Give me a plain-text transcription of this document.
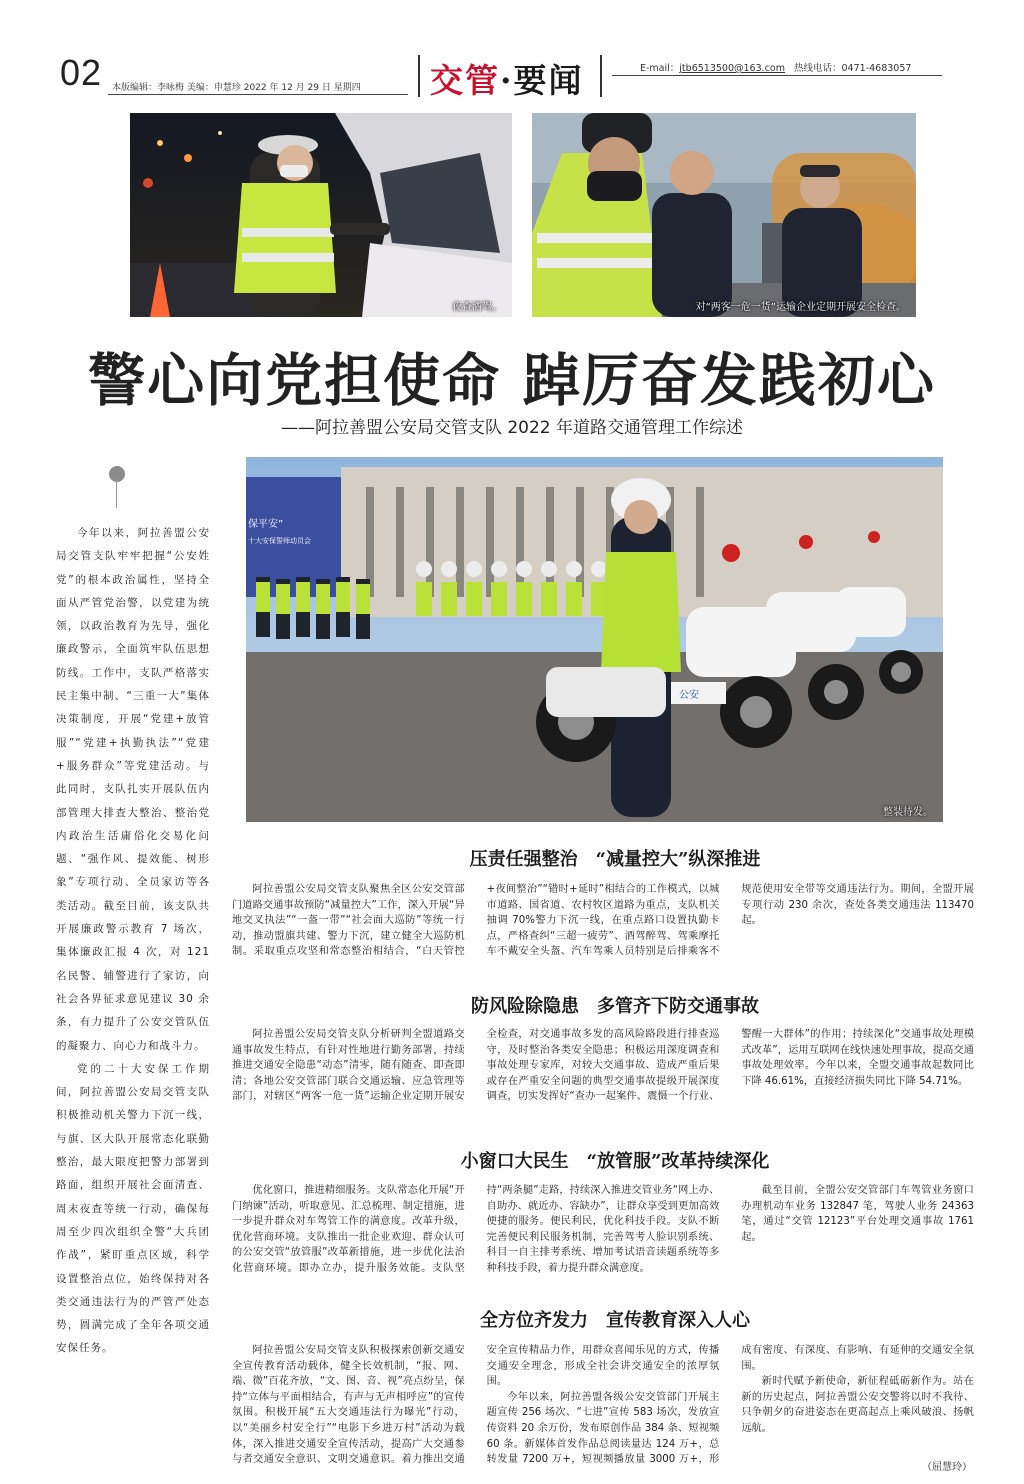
02 本版编辑：李咏梅 美编：申慧珍 2022 年 12 月 29 日 星期四 交管·要闻	E-mail：jtb6513500@163.com 热线电话：0471-4683057
夜查酒驾。	对“两客一危一货”运输企业定期开展安全检查。
警心向党担使命 踔厉奋发践初心
——阿拉善盟公安局交管支队 2022 年道路交通管理工作综述

今年以来，阿拉善盟公安局交管支队牢牢把握“公安姓党”的根本政治属性，坚持全面从严管党治警，以党建为统领，以政治教育为先导，强化廉政警示，全面筑牢队伍思想防线。工作中，支队严格落实民主集中制、“三重一大”集体决策制度，开展“党建+放管服”“党建+执勤执法”“党建+服务群众”等党建活动。与此同时，支队扎实开展队伍内部管理大排查大整治、整治党内政治生活庸俗化交易化问题、“强作风、提效能、树形象”专项行动、全员家访等各类活动。截至目前，该支队共开展廉政警示教育 7 场次，集体廉政汇报 4 次，对 121 名民警、辅警进行了家访，向社会各界征求意见建议 30 余条，有力提升了公安交管队伍的凝聚力、向心力和战斗力。

党的二十大安保工作期间，阿拉善盟公安局交管支队积极推动机关警力下沉一线，与旗、区大队开展常态化联勤整治，最大限度把警力部署到路面，组织开展社会面清查、周末夜查等统一行动，确保每周至少四次组织全警“大兵团作战”，紧盯重点区域，科学设置整治点位，始终保持对各类交通违法行为的严管严处态势，圆满完成了全年各项交通安保任务。

保平安”
十大安保誓师动员会
公安
整装待发。
压责任强整治　“减量控大”纵深推进

阿拉善盟公安局交管支队聚焦全区公安交管部门道路交通事故预防“减量控大”工作，深入开展“异地交叉执法”“一盔一带”“社会面大巡防”等统一行动，推动盟旗共建、警力下沉，建立健全大巡防机制。采取重点攻坚和常态整治相结合，“白天管控+夜间整治”“错时+延时”相结合的工作模式，以城市道路、国省道、农村牧区道路为重点，支队机关抽调 70%警力下沉一线，在重点路口设置执勤卡点，严格查纠“三超一疲劳”、酒驾醉驾、驾乘摩托车不戴安全头盔、汽车驾乘人员特别是后排乘客不规范使用安全带等交通违法行为。期间，全盟开展专项行动 230 余次，查处各类交通违法 113470 起。

防风险除隐患　多管齐下防交通事故

阿拉善盟公安局交管支队分析研判全盟道路交通事故发生特点，有针对性地进行勤务部署，持续推进交通安全隐患“动态”清零，随有随查、即查即清；各地公安交管部门联合交通运输、应急管理等部门，对辖区“两客一危一货”运输企业定期开展安全检查，对交通事故多发的高风险路段进行排查巡守，及时整治各类安全隐患；积极运用深度调查和事故处理专家库，对较大交通事故、造成严重后果或存在严重安全问题的典型交通事故提级开展深度调查，切实发挥好“查办一起案件、震慑一个行业、警醒一大群体”的作用；持续深化“交通事故处理模式改革”，运用互联网在线快速处理事故，提高交通事故处理效率。今年以来，全盟交通事故起数同比下降 46.61%，直接经济损失同比下降 54.71%。

小窗口大民生　“放管服”改革持续深化

优化窗口，推进精细服务。支队常态化开展“开门纳谏”活动，听取意见、汇总梳理、制定措施，进一步提升群众对车驾管工作的满意度。改革升级，优化营商环境。支队推出一批企业欢迎、群众认可的公安交管“放管服”改革新措施，进一步优化法治化营商环境。即办立办，提升服务效能。支队坚持“两条腿”走路，持续深入推进交管业务“网上办、自助办、就近办、容缺办”，让群众享受到更加高效便捷的服务。便民利民，优化科技手段。支队不断完善便民利民服务机制，完善驾考人脸识别系统、科目一自主排考系统、增加考试语音读题系统等多种科技手段，着力提升群众满意度。

截至目前，全盟公安交管部门车驾管业务窗口办理机动车业务 132847 笔，驾驶人业务 24363 笔，通过“交管 12123”平台处理交通事故 1761 起。

全方位齐发力　宣传教育深入人心

阿拉善盟公安局交管支队积极探索创新交通安全宣传教育活动载体，健全长效机制，“报、网、端、微”百花齐放，“文、图、音、视”亮点纷呈，保持“立体与平面相结合，有声与无声相呼应”的宣传氛围。积极开展“五大交通违法行为曝光”行动，以“美丽乡村安全行”“电影下乡进万村”活动为载体，深入推进交通安全宣传活动，提高广大交通参与者交通安全意识、文明交通意识。着力推出交通安全宣传精品力作，用群众喜闻乐见的方式，传播交通安全理念，形成全社会讲交通安全的浓厚氛围。

今年以来，阿拉善盟各级公安交管部门开展主题宣传 256 场次、“七进”宣传 583 场次，发放宣传资料 20 余万份，发布原创作品 384 条、短视频 60 条。新媒体首发作品总阅读量达 124 万+，总转发量 7200 万+，短视频播放量 3000 万+，形成有密度、有深度、有影响、有延伸的交通安全氛围。

新时代赋予新使命，新征程砥砺新作为。站在新的历史起点，阿拉善盟公安交警将以时不我待、只争朝夕的奋进姿态在更高起点上乘风破浪、扬帆远航。

（屈慧玲）
